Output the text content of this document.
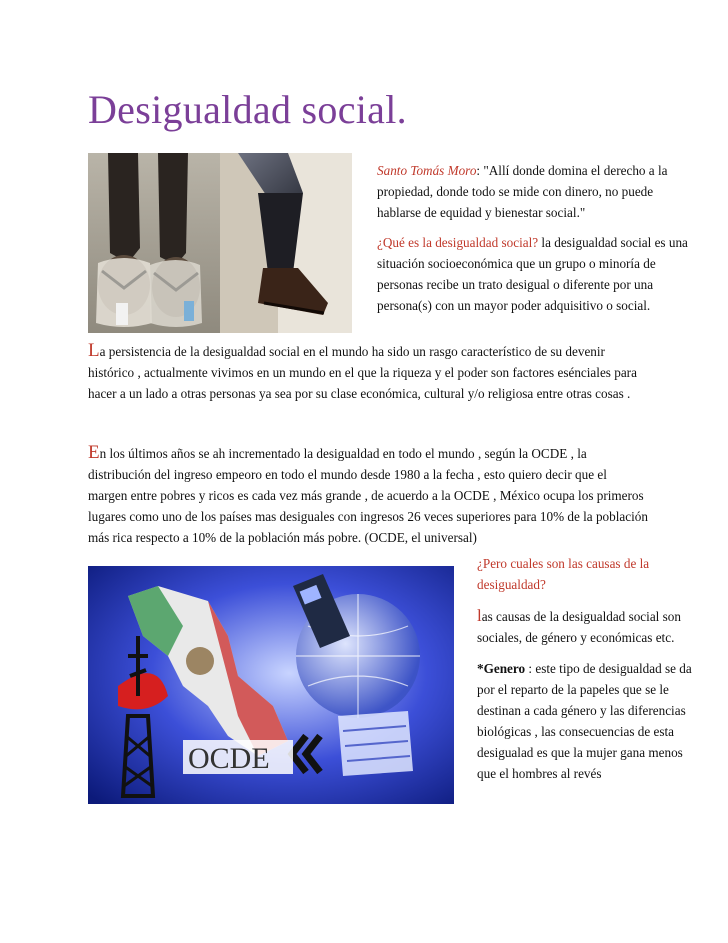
Desigualdad social.

Santo Tomás Moro: "Allí donde domina el derecho a la propiedad, donde todo se mide con dinero, no puede hablarse de equidad y bienestar social."

¿Qué es la desigualdad social? la desigualdad social es una situación socioeconómica que un grupo o minoría de personas recibe un trato desigual o diferente por una persona(s) con un mayor poder adquisitivo o social.

La persistencia de la desigualdad social en el mundo ha sido un rasgo característico de su devenir histórico , actualmente vivimos en un mundo en el que la riqueza y el poder son factores esénciales para hacer a un lado a otras personas ya sea por su clase económica, cultural y/o religiosa entre otras cosas .

En los últimos años se ah incrementado la desigualdad en todo el mundo , según la OCDE , la distribución del ingreso empeoro en todo el mundo desde 1980 a la fecha , esto quiero decir que el margen entre pobres y ricos es cada vez más grande , de acuerdo a la OCDE , México ocupa los primeros lugares como uno de los países mas desiguales con ingresos 26 veces superiores para 10% de la población más rica respecto a 10% de la población más pobre. (OCDE, el universal)

OCDE

¿Pero cuales son las causas de la desigualdad?

las causas de la desigualdad social son sociales, de género y económicas etc.

*Genero : este tipo de desigualdad se da por el reparto de la papeles que se le destinan a cada género y las diferencias biológicas , las consecuencias de esta desigualad es que la mujer gana menos que el hombres al revés
